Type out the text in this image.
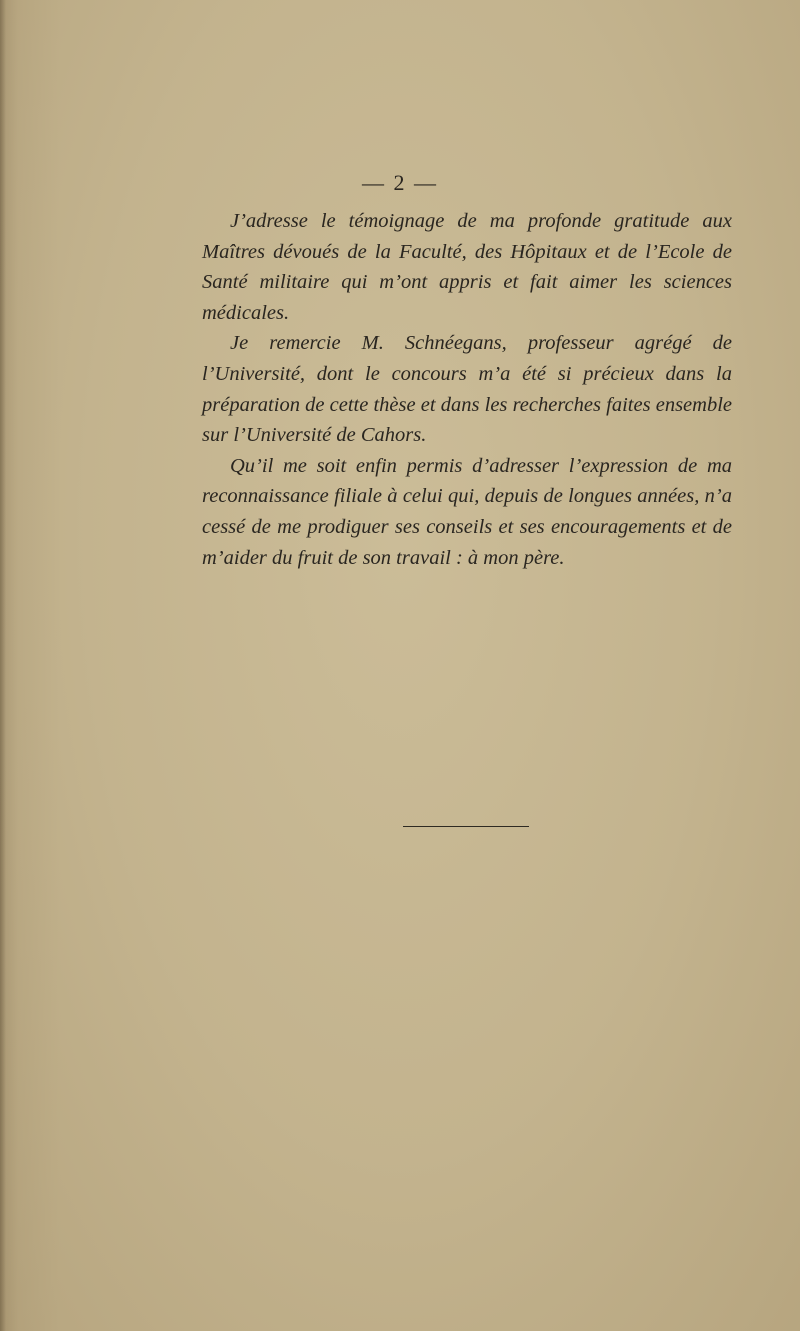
— 2 —

J’adresse le témoignage de ma profonde gratitude aux Maîtres dévoués de la Faculté, des Hôpitaux et de l’Ecole de Santé militaire qui m’ont appris et fait aimer les sciences médicales.

Je remercie M. Schnéegans, professeur agrégé de l’Université, dont le concours m’a été si précieux dans la préparation de cette thèse et dans les recherches faites ensemble sur l’Université de Cahors.

Qu’il me soit enfin permis d’adresser l’expression de ma reconnaissance filiale à celui qui, depuis de longues années, n’a cessé de me prodiguer ses conseils et ses encouragements et de m’aider du fruit de son travail : à mon père.
